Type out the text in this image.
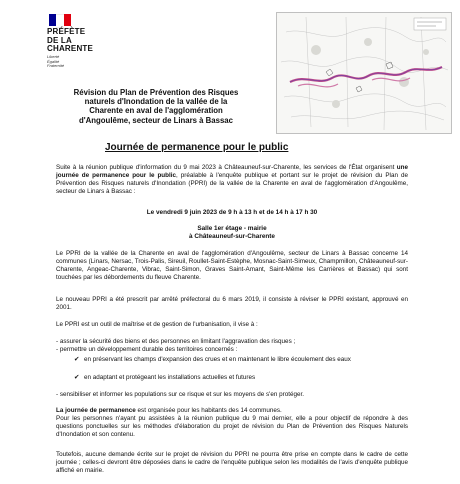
PRÉFÈTE
DE LA
CHARENTE
Liberté
Égalité
Fraternité
Révision du Plan de Prévention des Risques
naturels d'Inondation de la vallée de la
Charente en aval de l'agglomération
d'Angoulême, secteur de Linars à Bassac
Journée de permanence pour le public
Suite à la réunion publique d'information du 9 mai 2023 à Châteauneuf-sur-Charente, les services de l'État organisent une journée de permanence pour le public, préalable à l'enquête publique et portant sur le projet de révision du Plan de Prévention des Risques naturels d'Inondation (PPRI) de la vallée de la Charente en aval de l'agglomération d'Angoulême, secteur de Linars à Bassac :
Le vendredi 9 juin 2023 de 9 h à 13 h et de 14 h à 17 h 30
Salle 1er étage - mairie
à Châteauneuf-sur-Charente
Le PPRI de la vallée de la Charente en aval de l'agglomération d'Angoulême, secteur de Linars à Bassac concerne 14 communes (Linars, Nersac, Trois-Palis, Sireuil, Roullet-Saint-Estèphe, Mosnac-Saint-Simeux, Champmillon, Châteauneuf-sur-Charente, Angeac-Charente, Vibrac, Saint-Simon, Graves Saint-Amant, Saint-Même les Carrières et Bassac) qui sont touchées par les débordements du fleuve Charente.
Le nouveau PPRI a été prescrit par arrêté préfectoral du 6 mars 2019, il consiste à réviser le PPRI existant, approuvé en 2001.
Le PPRI est un outil de maîtrise et de gestion de l'urbanisation, il vise à :
- assurer la sécurité des biens et des personnes en limitant l'aggravation des risques ;
- permettre un développement durable des territoires concernés :
✔ en préservant les champs d'expansion des crues et en maintenant le libre écoulement des eaux
✔ en adaptant et protégeant les installations actuelles et futures
- sensibiliser et informer les populations sur ce risque et sur les moyens de s'en protéger.
La journée de permanence est organisée pour les habitants des 14 communes.
Pour les personnes n'ayant pu assistées à la réunion publique du 9 mai dernier, elle a pour objectif de répondre à des questions ponctuelles sur les méthodes d'élaboration du projet de révision du Plan de Prévention des Risques Naturels d'Inondation et son contenu.
Toutefois, aucune demande écrite sur le projet de révision du PPRI ne pourra être prise en compte dans le cadre de cette journée ; celles-ci devront être déposées dans le cadre de l'enquête publique selon les modalités de l'avis d'enquête publique affiché en mairie.
